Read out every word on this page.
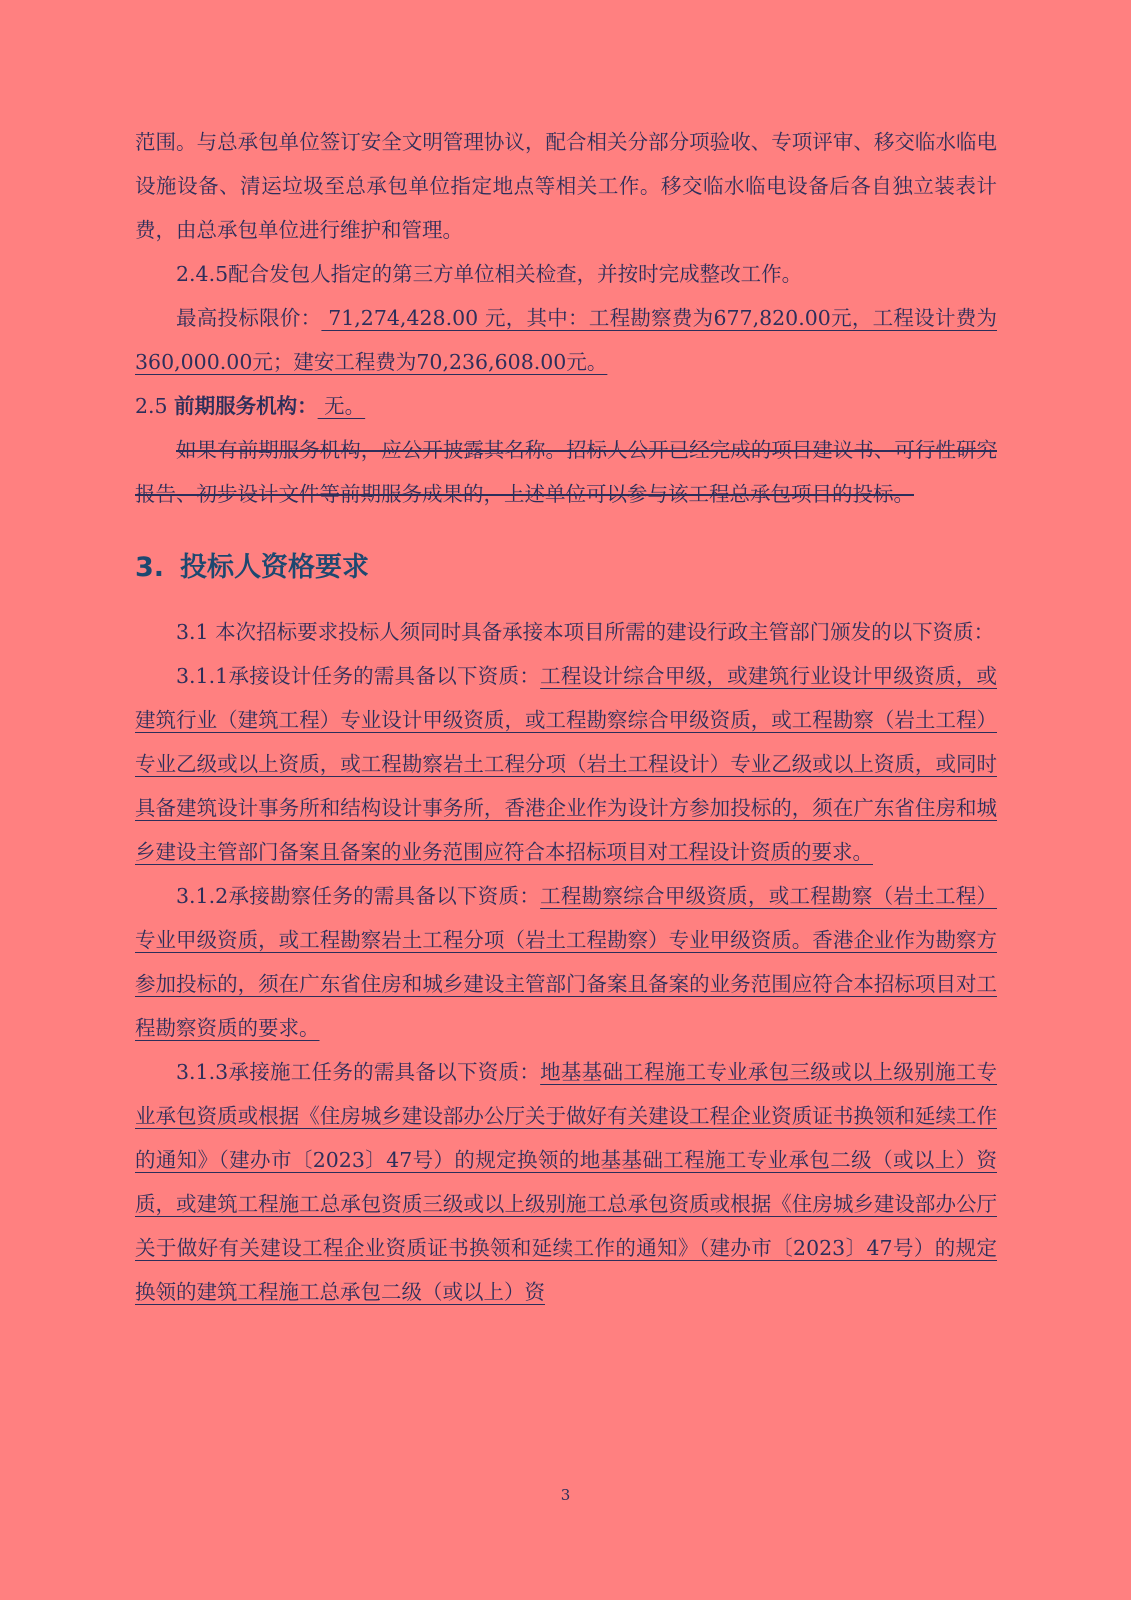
范围。与总承包单位签订安全文明管理协议，配合相关分部分项验收、专项评审、移交临水临电设施设备、清运垃圾至总承包单位指定地点等相关工作。移交临水临电设备后各自独立装表计费，由总承包单位进行维护和管理。

2.4.5配合发包人指定的第三方单位相关检查，并按时完成整改工作。

最高投标限价： 71,274,428.00 元，其中：工程勘察费为677,820.00元，工程设计费为360,000.00元；建安工程费为70,236,608.00元。

2.5 前期服务机构： 无。

如果有前期服务机构，应公开披露其名称。招标人公开已经完成的项目建议书、可行性研究报告、初步设计文件等前期服务成果的，上述单位可以参与该工程总承包项目的投标。

3. 投标人资格要求

3.1 本次招标要求投标人须同时具备承接本项目所需的建设行政主管部门颁发的以下资质：

3.1.1承接设计任务的需具备以下资质：工程设计综合甲级，或建筑行业设计甲级资质，或建筑行业（建筑工程）专业设计甲级资质，或工程勘察综合甲级资质，或工程勘察（岩土工程）专业乙级或以上资质，或工程勘察岩土工程分项（岩土工程设计）专业乙级或以上资质，或同时具备建筑设计事务所和结构设计事务所，香港企业作为设计方参加投标的，须在广东省住房和城乡建设主管部门备案且备案的业务范围应符合本招标项目对工程设计资质的要求。

3.1.2承接勘察任务的需具备以下资质：工程勘察综合甲级资质，或工程勘察（岩土工程）专业甲级资质，或工程勘察岩土工程分项（岩土工程勘察）专业甲级资质。香港企业作为勘察方参加投标的，须在广东省住房和城乡建设主管部门备案且备案的业务范围应符合本招标项目对工程勘察资质的要求。

3.1.3承接施工任务的需具备以下资质：地基基础工程施工专业承包三级或以上级别施工专业承包资质或根据《住房城乡建设部办公厅关于做好有关建设工程企业资质证书换领和延续工作的通知》（建办市〔2023〕47号）的规定换领的地基基础工程施工专业承包二级（或以上）资质，或建筑工程施工总承包资质三级或以上级别施工总承包资质或根据《住房城乡建设部办公厅关于做好有关建设工程企业资质证书换领和延续工作的通知》（建办市〔2023〕47号）的规定换领的建筑工程施工总承包二级（或以上）资

3
